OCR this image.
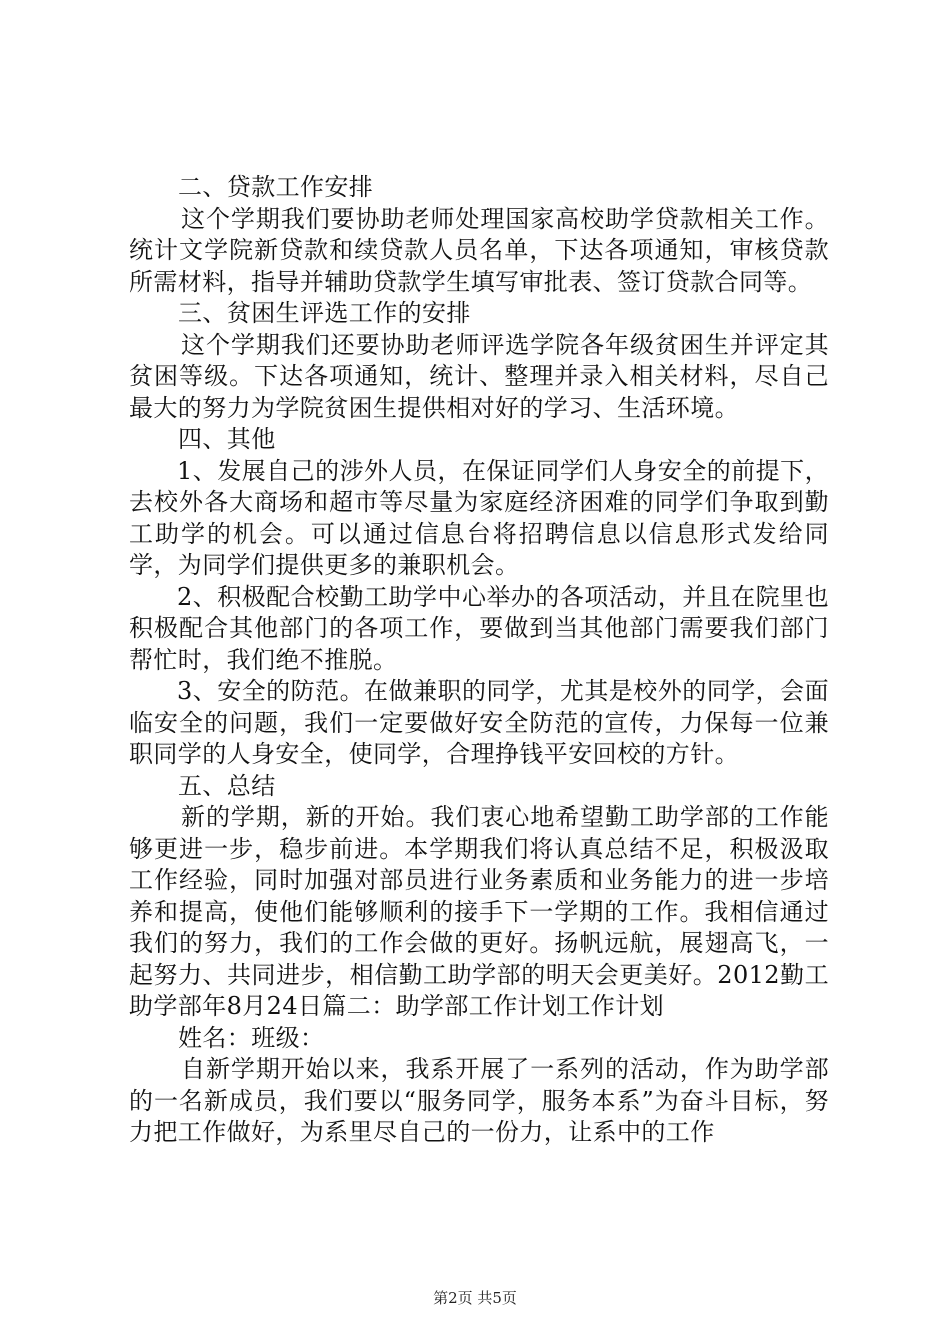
二、贷款工作安排

这个学期我们要协助老师处理国家高校助学贷款相关工作。统计文学院新贷款和续贷款人员名单，下达各项通知，审核贷款所需材料，指导并辅助贷款学生填写审批表、签订贷款合同等。

三、贫困生评选工作的安排

这个学期我们还要协助老师评选学院各年级贫困生并评定其贫困等级。下达各项通知，统计、整理并录入相关材料，尽自己最大的努力为学院贫困生提供相对好的学习、生活环境。

四、其他

1、发展自己的涉外人员，在保证同学们人身安全的前提下，去校外各大商场和超市等尽量为家庭经济困难的同学们争取到勤工助学的机会。可以通过信息台将招聘信息以信息形式发给同学，为同学们提供更多的兼职机会。

2、积极配合校勤工助学中心举办的各项活动，并且在院里也积极配合其他部门的各项工作，要做到当其他部门需要我们部门帮忙时，我们绝不推脱。

3、安全的防范。在做兼职的同学，尤其是校外的同学，会面临安全的问题，我们一定要做好安全防范的宣传，力保每一位兼职同学的人身安全，使同学，合理挣钱平安回校的方针。

五、总结

新的学期，新的开始。我们衷心地希望勤工助学部的工作能够更进一步，稳步前进。本学期我们将认真总结不足，积极汲取工作经验，同时加强对部员进行业务素质和业务能力的进一步培养和提高，使他们能够顺利的接手下一学期的工作。我相信通过我们的努力，我们的工作会做的更好。扬帆远航，展翅高飞，一起努力、共同进步，相信勤工助学部的明天会更美好。2012勤工助学部年8月24日篇二：助学部工作计划工作计划

姓名：班级：

自新学期开始以来，我系开展了一系列的活动，作为助学部的一名新成员，我们要以“服务同学，服务本系”为奋斗目标，努力把工作做好，为系里尽自己的一份力，让系中的工作

第2页 共5页
